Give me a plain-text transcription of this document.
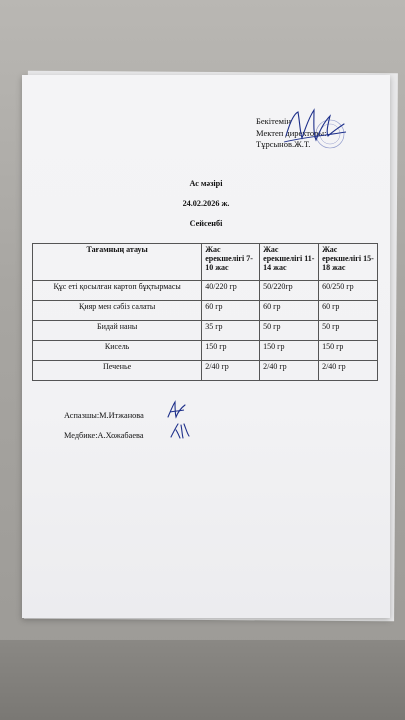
Бекітемін
Мектеп директоры:
Тұрсынов.Ж.Т.
Ас мәзірі
24.02.2026 ж.
Сейсенбі
Тағамның атауы	Жас ерекшелігі 7-10 жас	Жас ерекшелігі 11-14 жас	Жас ерекшелігі 15-18 жас
Құс еті қосылған картоп бұқтырмасы	40/220 гр	50/220гр	60/250 гр
Қияр мен сәбіз салаты	60 гр	60 гр	60 гр
Бидай наны	35 гр	50 гр	50 гр
Кисель	150 гр	150 гр	150 гр
Печенье	2/40 гр	2/40 гр	2/40 гр
Аспазшы:М.Итжанова
Медбике:А.Хожабаева
